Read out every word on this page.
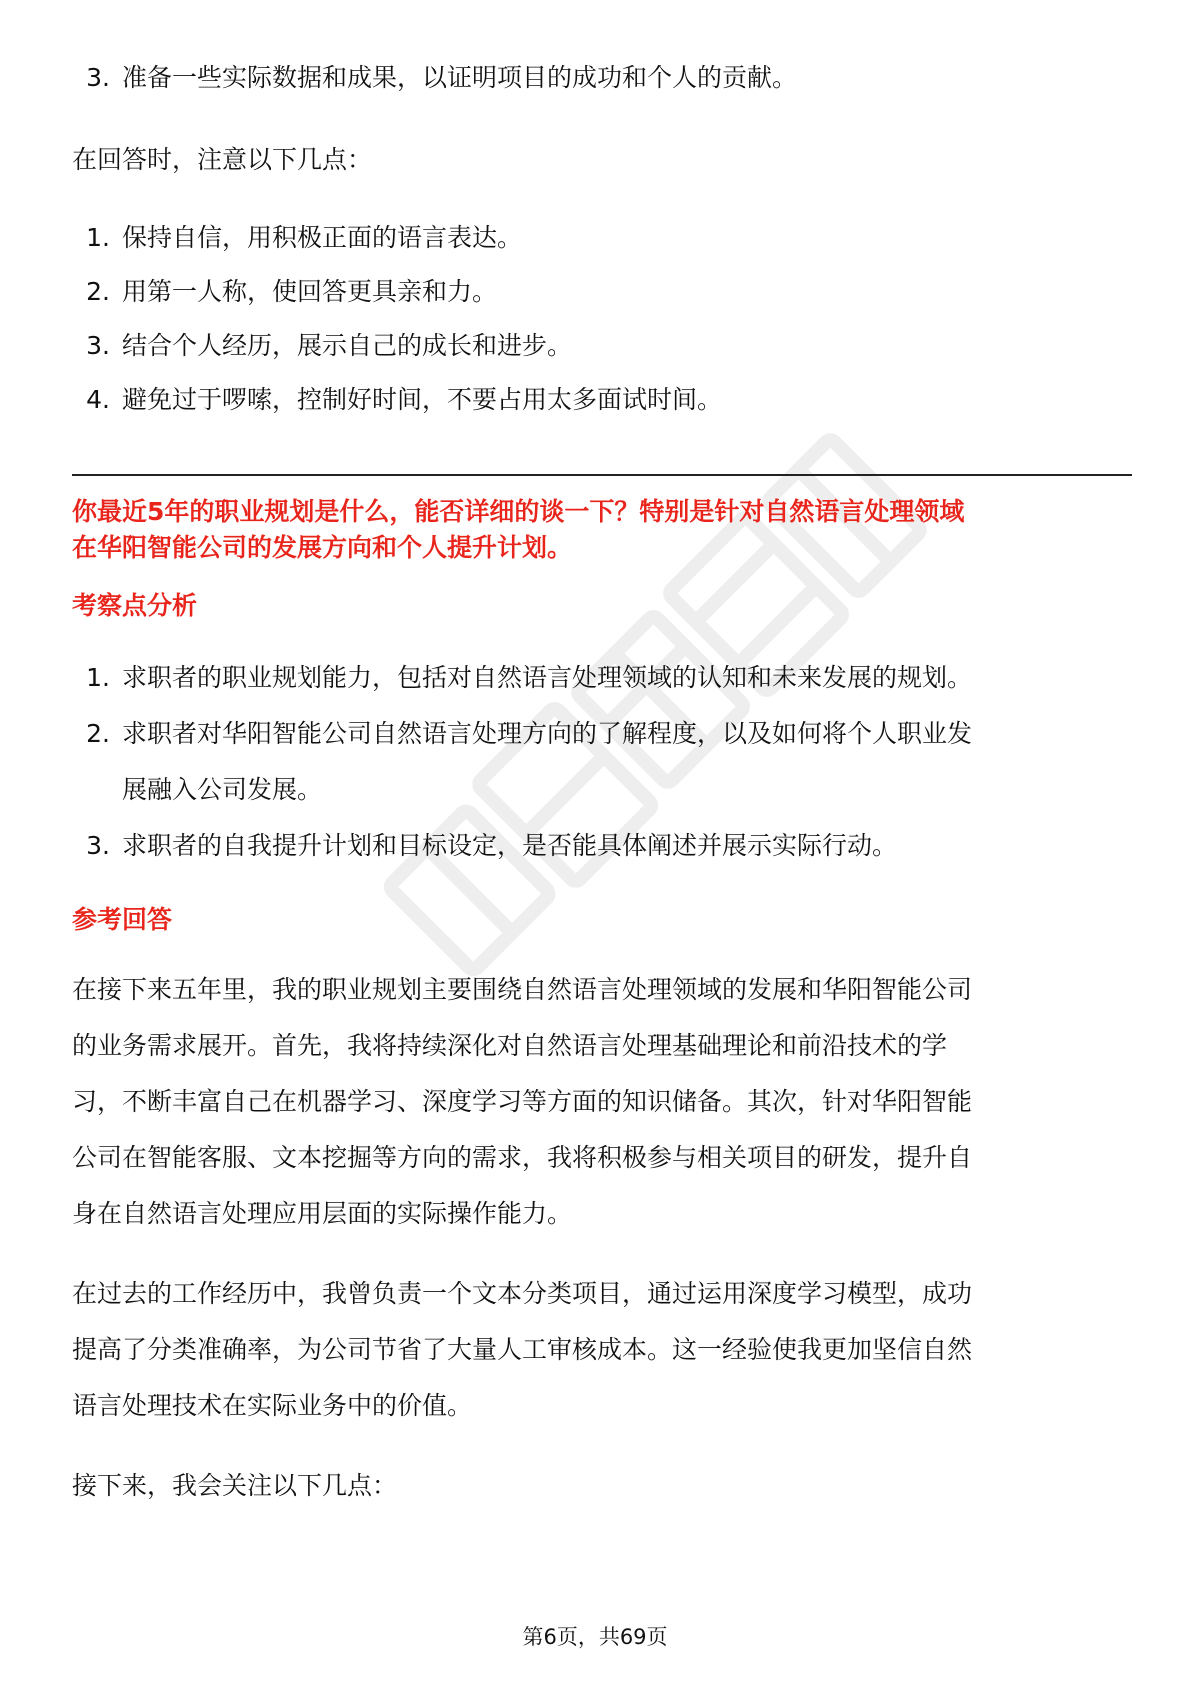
3. 准备一些实际数据和成果，以证明项目的成功和个人的贡献。

在回答时，注意以下几点：

1. 保持自信，用积极正面的语言表达。
2. 用第一人称，使回答更具亲和力。
3. 结合个人经历，展示自己的成长和进步。
4. 避免过于啰嗦，控制好时间，不要占用太多面试时间。

你最近5年的职业规划是什么，能否详细的谈一下？特别是针对自然语言处理领域

在华阳智能公司的发展方向和个人提升计划。

考察点分析

1. 求职者的职业规划能力，包括对自然语言处理领域的认知和未来发展的规划。
2. 求职者对华阳智能公司自然语言处理方向的了解程度，以及如何将个人职业发
展融入公司发展。
3. 求职者的自我提升计划和目标设定，是否能具体阐述并展示实际行动。

参考回答

在接下来五年里，我的职业规划主要围绕自然语言处理领域的发展和华阳智能公司

的业务需求展开。首先，我将持续深化对自然语言处理基础理论和前沿技术的学

习，不断丰富自己在机器学习、深度学习等方面的知识储备。其次，针对华阳智能

公司在智能客服、文本挖掘等方向的需求，我将积极参与相关项目的研发，提升自

身在自然语言处理应用层面的实际操作能力。

在过去的工作经历中，我曾负责一个文本分类项目，通过运用深度学习模型，成功

提高了分类准确率，为公司节省了大量人工审核成本。这一经验使我更加坚信自然

语言处理技术在实际业务中的价值。

接下来，我会关注以下几点：

第6页，共69页
